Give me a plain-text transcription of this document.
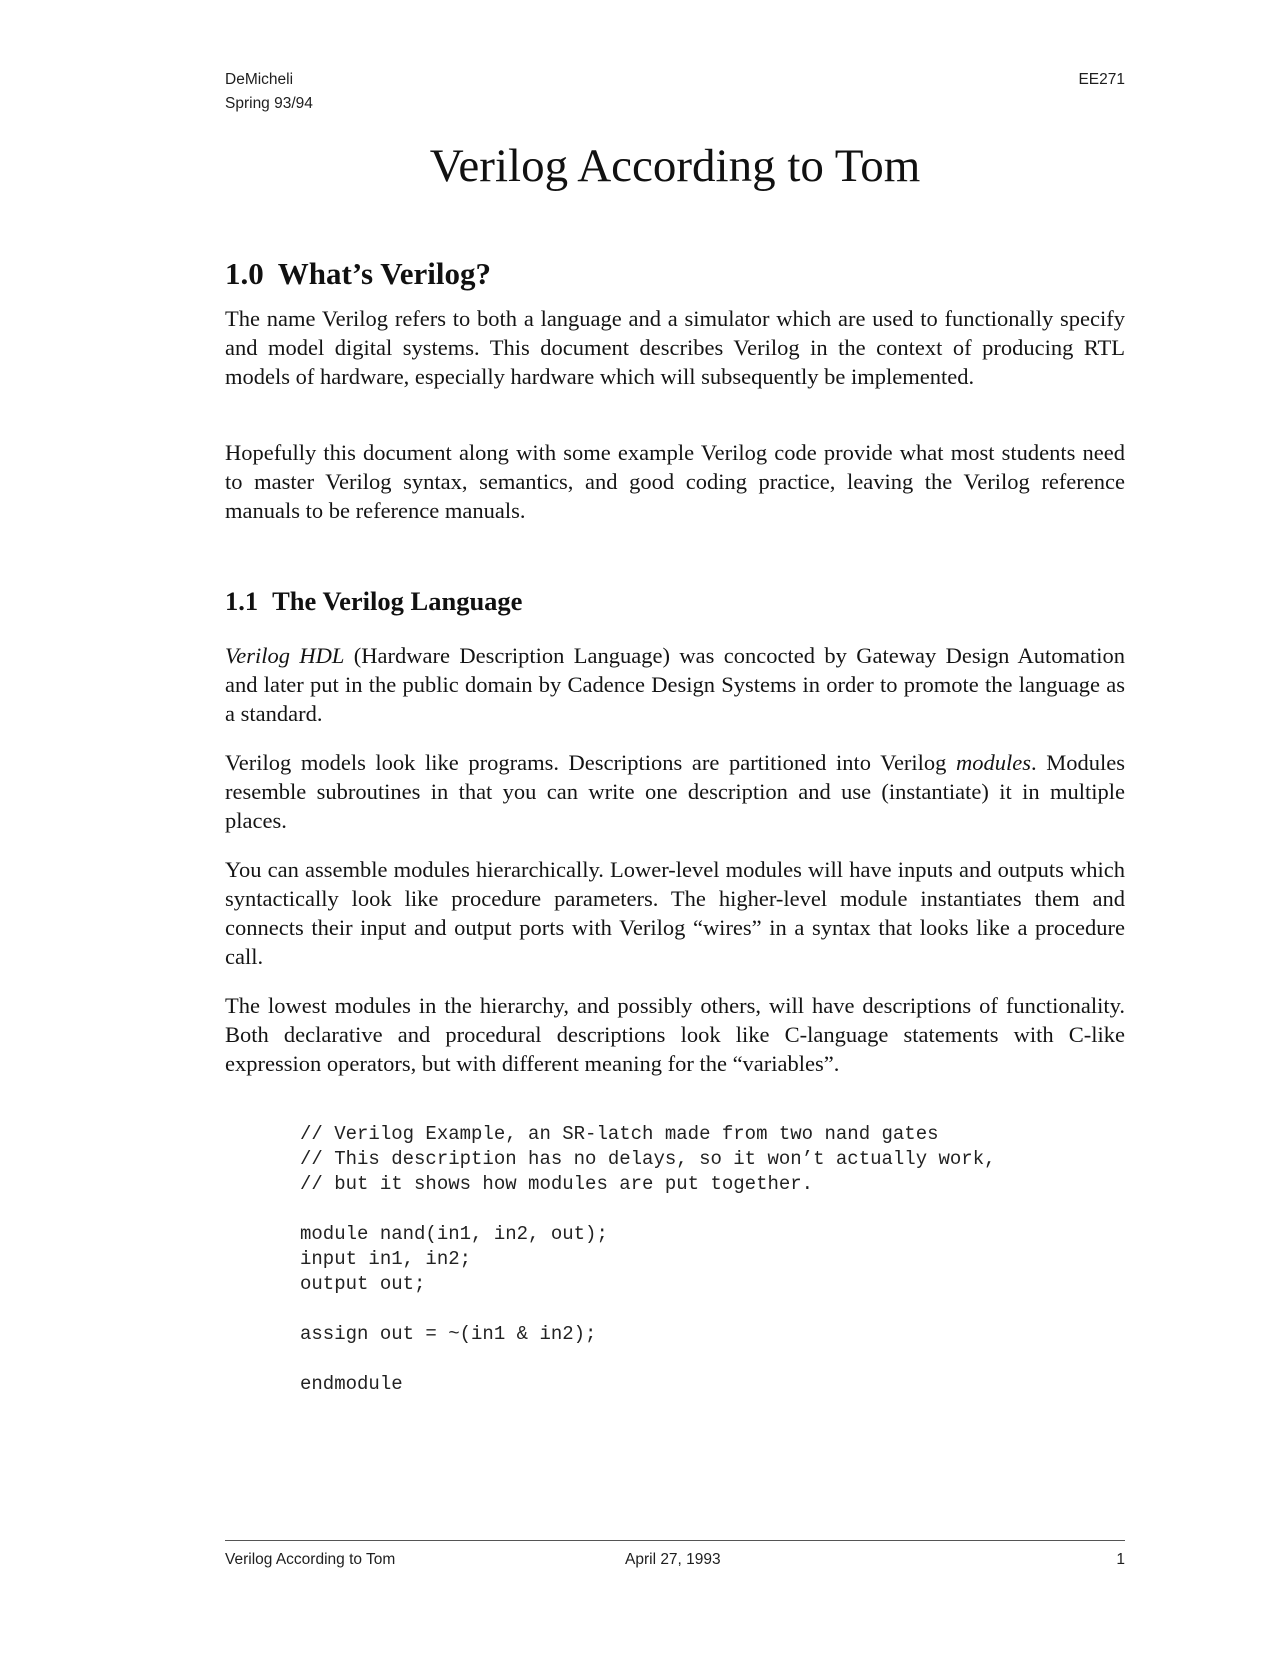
DeMicheli
Spring 93/94
EE271
Verilog According to Tom
1.0 What’s Verilog?

The name Verilog refers to both a language and a simulator which are used to functionally specify and model digital systems. This document describes Verilog in the context of producing RTL models of hardware, especially hardware which will subsequently be implemented.

Hopefully this document along with some example Verilog code provide what most students need to master Verilog syntax, semantics, and good coding practice, leaving the Verilog reference manuals to be reference manuals.

1.1 The Verilog Language

Verilog HDL (Hardware Description Language) was concocted by Gateway Design Automation and later put in the public domain by Cadence Design Systems in order to promote the language as a standard.

Verilog models look like programs. Descriptions are partitioned into Verilog modules. Modules resemble subroutines in that you can write one description and use (instantiate) it in multiple places.

You can assemble modules hierarchically. Lower-level modules will have inputs and outputs which syntactically look like procedure parameters. The higher-level module instantiates them and connects their input and output ports with Verilog “wires” in a syntax that looks like a procedure call.

The lowest modules in the hierarchy, and possibly others, will have descriptions of functionality. Both declarative and procedural descriptions look like C-language statements with C-like expression operators, but with different meaning for the “variables”.

// Verilog Example, an SR-latch made from two nand gates
// This description has no delays, so it won’t actually work,
// but it shows how modules are put together.
module nand(in1, in2, out);
input in1, in2;
output out;
assign out = ~(in1 & in2);
endmodule
Verilog According to Tom	April 27, 1993	1
